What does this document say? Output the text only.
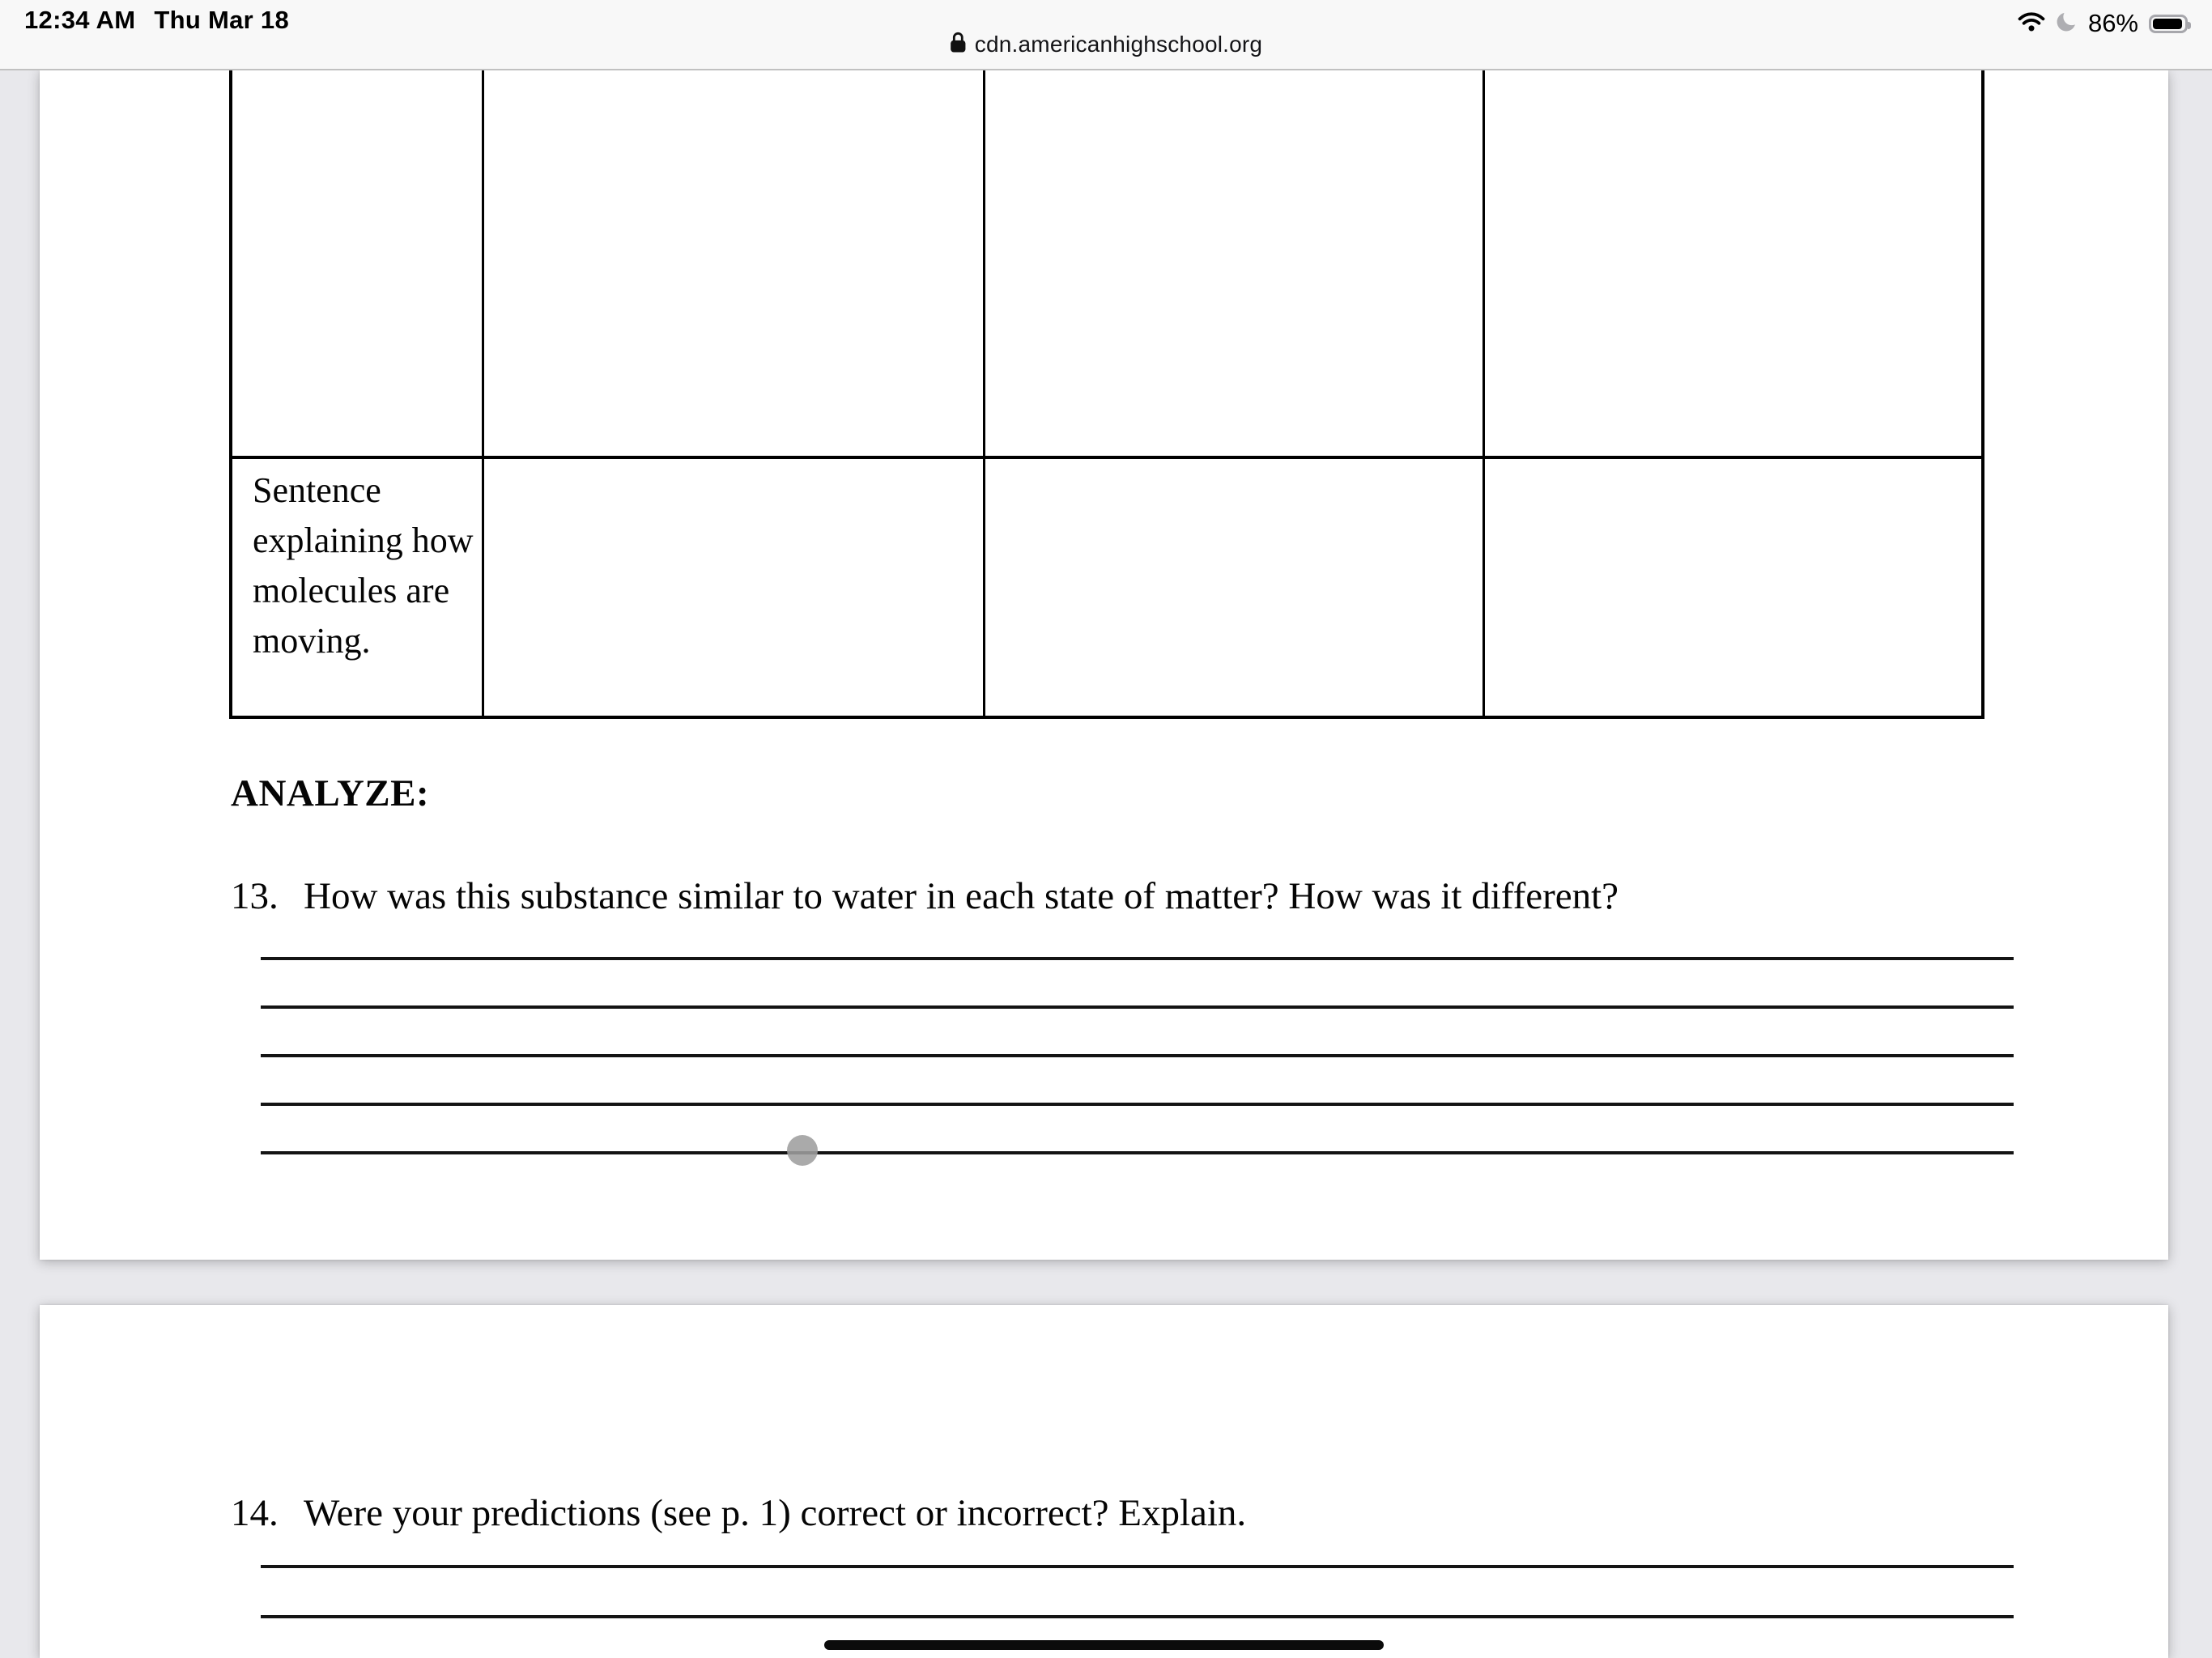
12:34 AM Thu Mar 18	86%
cdn.americanhighschool.org
Sentence explaining how molecules are moving.
ANALYZE:
13. How was this substance similar to water in each state of matter? How was it different?
14. Were your predictions (see p. 1) correct or incorrect? Explain.
